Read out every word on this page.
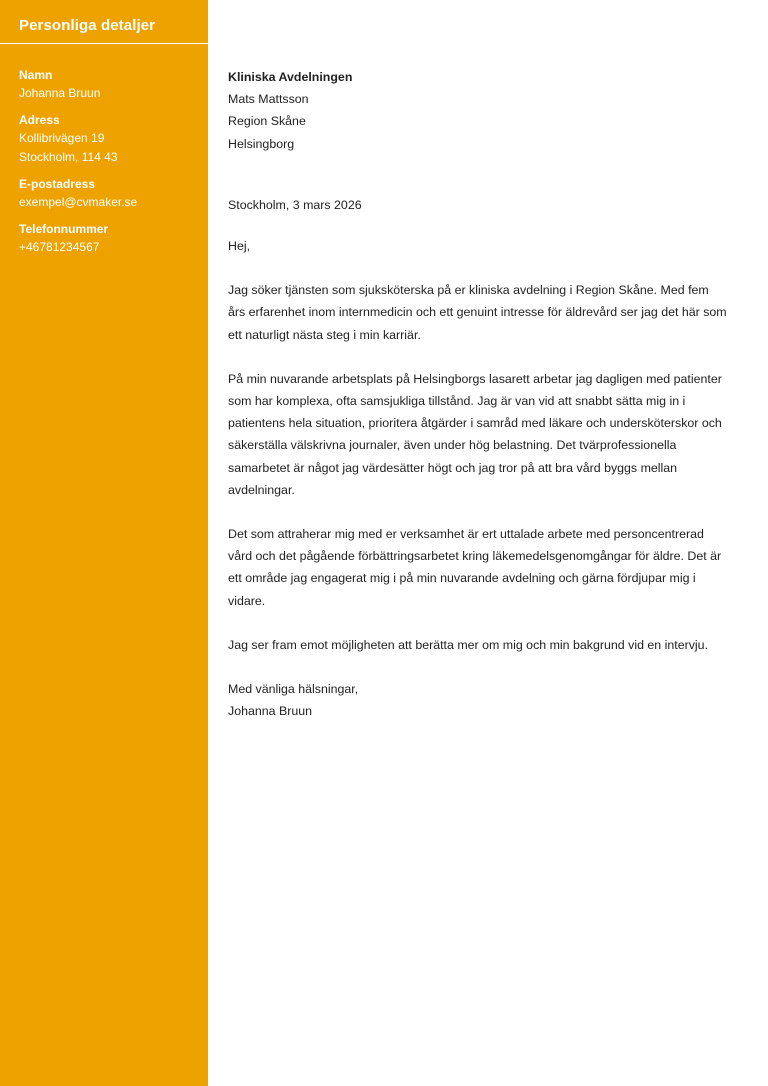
Personliga detaljer
Namn
Johanna Bruun
Adress
Kollibrivägen 19
Stockholm, 114 43
E-postadress
exempel@cvmaker.se
Telefonnummer
+46781234567
Kliniska Avdelningen
Mats Mattsson
Region Skåne
Helsingborg
Stockholm, 3 mars 2026
Hej,

Jag söker tjänsten som sjuksköterska på er kliniska avdelning i Region Skåne. Med fem års erfarenhet inom internmedicin och ett genuint intresse för äldrevård ser jag det här som ett naturligt nästa steg i min karriär.

På min nuvarande arbetsplats på Helsingborgs lasarett arbetar jag dagligen med patienter som har komplexa, ofta samsjukliga tillstånd. Jag är van vid att snabbt sätta mig in i patientens hela situation, prioritera åtgärder i samråd med läkare och undersköterskor och säkerställa välskrivna journaler, även under hög belastning. Det tvärprofessionella samarbetet är något jag värdesätter högt och jag tror på att bra vård byggs mellan avdelningar.

Det som attraherar mig med er verksamhet är ert uttalade arbete med personcentrerad vård och det pågående förbättringsarbetet kring läkemedelsgenomgångar för äldre. Det är ett område jag engagerat mig i på min nuvarande avdelning och gärna fördjupar mig i vidare.

Jag ser fram emot möjligheten att berätta mer om mig och min bakgrund vid en intervju.

Med vänliga hälsningar,
Johanna Bruun
